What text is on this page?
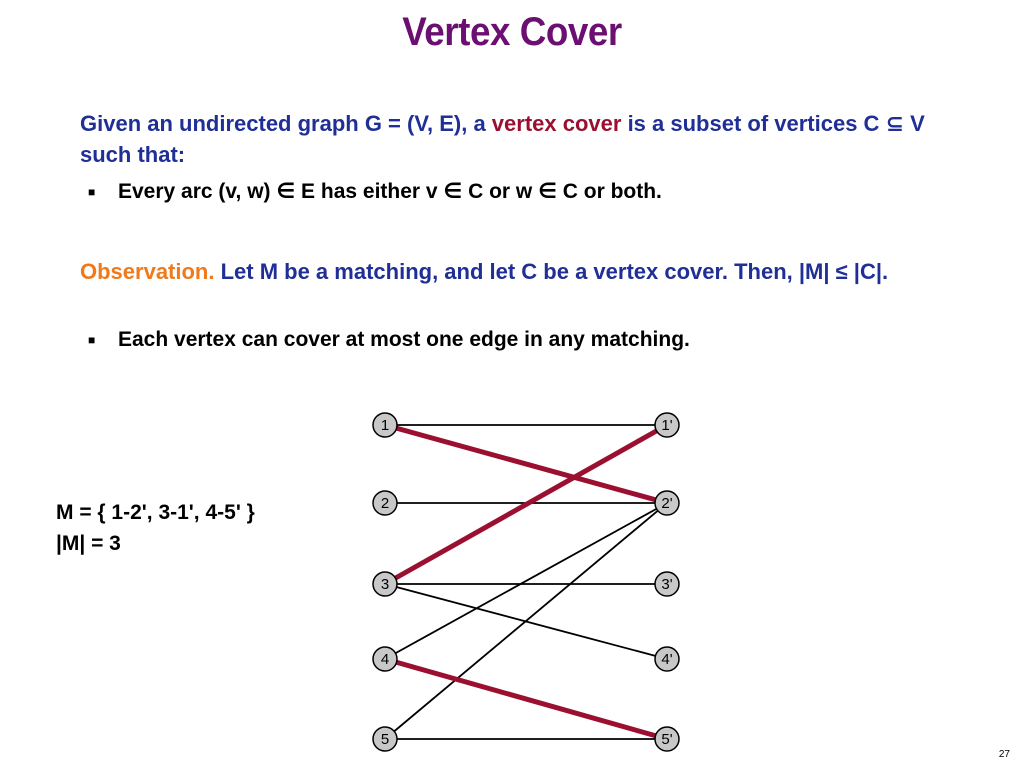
Vertex Cover
Given an undirected graph G = (V, E), a vertex cover is a subset of vertices C ⊆ V such that:
■ Every arc (v, w) ∈ E has either v ∈ C or w ∈ C or both.
Observation. Let M be a matching, and let C be a vertex cover. Then, |M| ≤ |C|.
■ Each vertex can cover at most one edge in any matching.
M = { 1-2', 3-1', 4-5' }
|M| = 3
1
2
3
4
5
1'
2'
3'
4'
5'
27
